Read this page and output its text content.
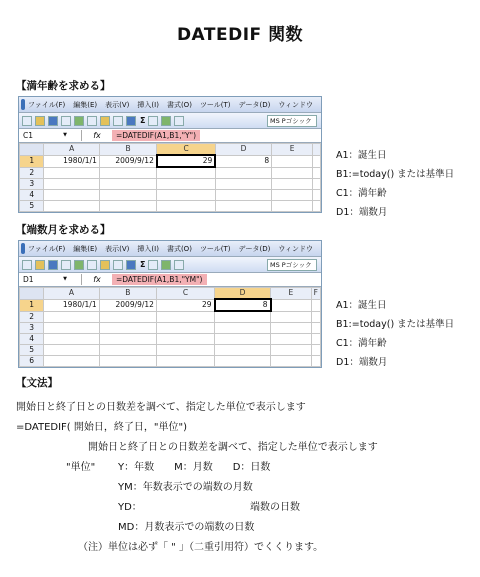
DATEDIF 関数
【満年齢を求める】
ファイル(F) 編集(E) 表示(V) 挿入(I) 書式(O) ツール(T) データ(D) ウィンドウ
Σ	MS Pゴシック
C1 ▼	fx	=DATEDIF(A1,B1,"Y")
	A	B	C	D	E	
1	1980/1/1	2009/9/12	29	8		
2						
3						
4						
5						
A1：誕生日
B1:=today() または基準日
C1：満年齢
D1：端数月
【端数月を求める】
ファイル(F) 編集(E) 表示(V) 挿入(I) 書式(O) ツール(T) データ(D) ウィンドウ
Σ	MS Pゴシック
D1 ▼	fx	=DATEDIF(A1,B1,"YM")
	A	B	C	D	E	F
1	1980/1/1	2009/9/12	29	8		
2						
3						
4						
5						
6						
A1：誕生日
B1:=today() または基準日
C1：満年齢
D1：端数月
【文法】
開始日と終了日との日数差を調べて、指定した単位で表示します
=DATEDIF( 開始日，終了日，"単位")
開始日と終了日との日数差を調べて、指定した単位で表示します
"単位" Y：年数　　M：月数　　D：日数
YM：年数表示での端数の月数
YD：	端数の日数
MD：月数表示での端数の日数
（注）単位は必ず「 " 」（二重引用符）でくくります。
